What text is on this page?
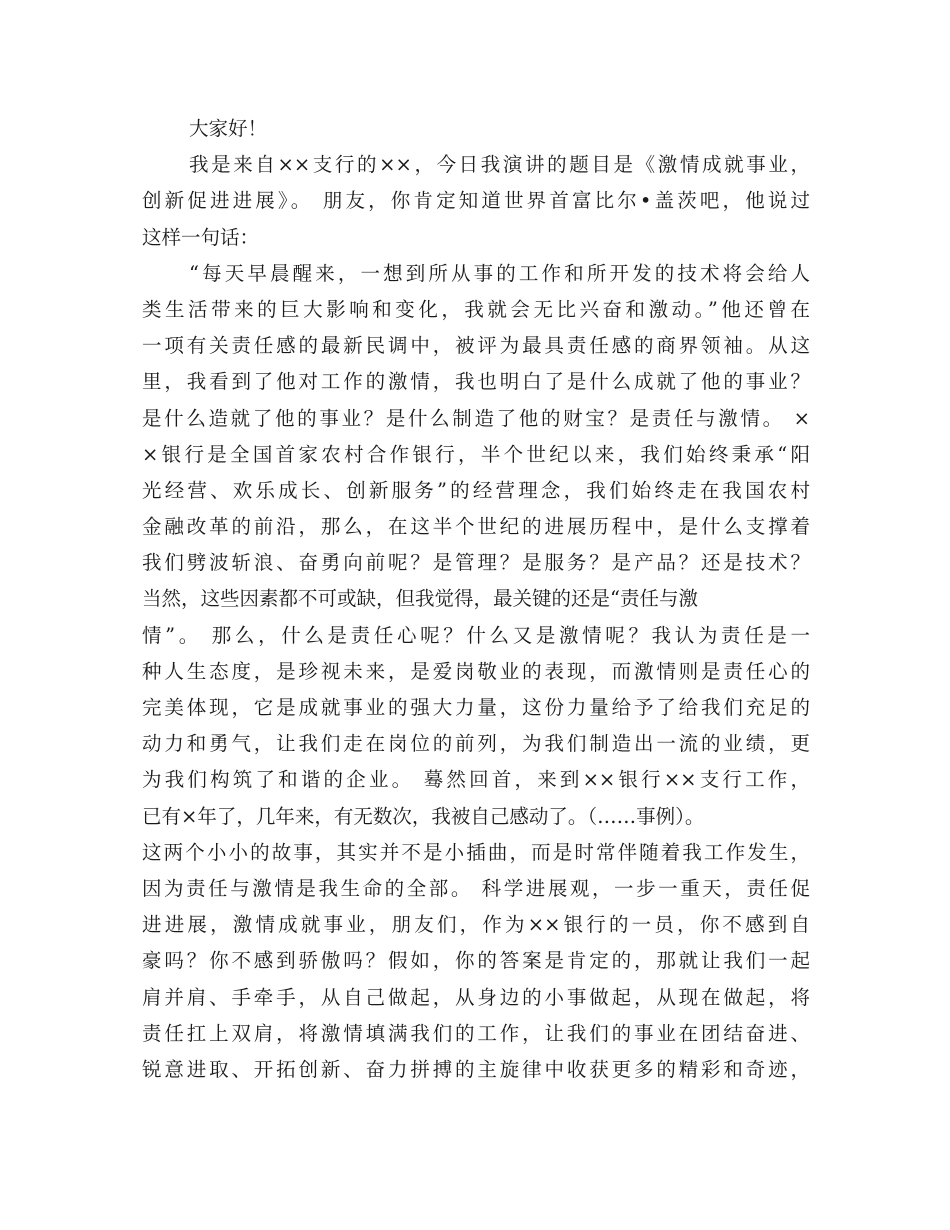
大家好！
我是来自××支行的××，今日我演讲的题目是《激情成就事业，
创新促进进展》。 朋友，你肯定知道世界首富比尔•盖茨吧，他说过
这样一句话：
“每天早晨醒来，一想到所从事的工作和所开发的技术将会给人
类生活带来的巨大影响和变化，我就会无比兴奋和激动。”他还曾在
一项有关责任感的最新民调中，被评为最具责任感的商界领袖。从这
里，我看到了他对工作的激情，我也明白了是什么成就了他的事业？
是什么造就了他的事业？是什么制造了他的财宝？是责任与激情。 ×
×银行是全国首家农村合作银行，半个世纪以来，我们始终秉承“阳
光经营、欢乐成长、创新服务”的经营理念，我们始终走在我国农村
金融改革的前沿，那么，在这半个世纪的进展历程中，是什么支撑着
我们劈波斩浪、奋勇向前呢？是管理？是服务？是产品？还是技术？
当然，这些因素都不可或缺，但我觉得，最关键的还是“责任与激
情”。 那么，什么是责任心呢？什么又是激情呢？我认为责任是一
种人生态度，是珍视未来，是爱岗敬业的表现，而激情则是责任心的
完美体现，它是成就事业的强大力量，这份力量给予了给我们充足的
动力和勇气，让我们走在岗位的前列，为我们制造出一流的业绩，更
为我们构筑了和谐的企业。 蓦然回首，来到××银行××支行工作，
已有×年了，几年来，有无数次，我被自己感动了。（……事例）。
这两个小小的故事，其实并不是小插曲，而是时常伴随着我工作发生，
因为责任与激情是我生命的全部。 科学进展观，一步一重天，责任促
进进展，激情成就事业，朋友们，作为××银行的一员，你不感到自
豪吗？你不感到骄傲吗？假如，你的答案是肯定的，那就让我们一起
肩并肩、手牵手，从自己做起，从身边的小事做起，从现在做起，将
责任扛上双肩，将激情填满我们的工作，让我们的事业在团结奋进、
锐意进取、开拓创新、奋力拼搏的主旋律中收获更多的精彩和奇迹，
